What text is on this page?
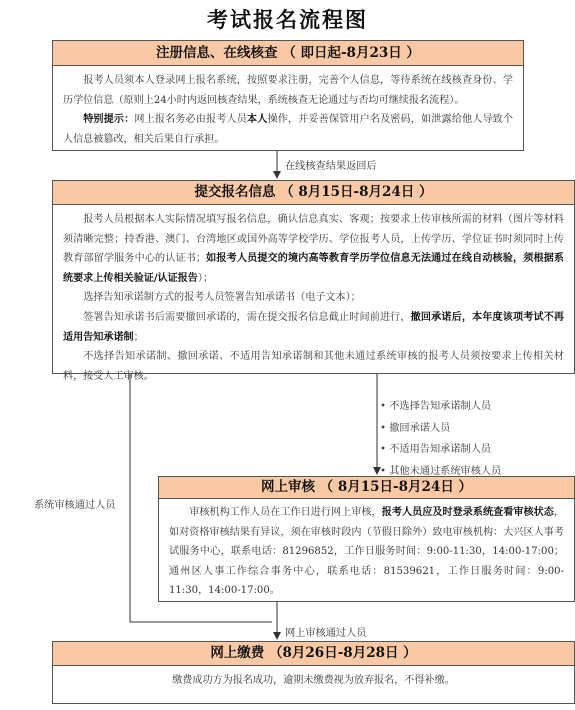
考试报名流程图
在线核查结果返回后
系统审核通过人员
网上审核通过人员
• 不选择告知承诺制人员
• 撤回承诺人员
• 不适用告知承诺制人员
• 其他未通过系统审核人员
注册信息、在线核查 （ 即日起-8月23日 ）

报考人员须本人登录网上报名系统，按照要求注册，完善个人信息，等待系统在线核查身份、学历学位信息（原则上24小时内返回核查结果，系统核查无论通过与否均可继续报名流程）。

特别提示：网上报名务必由报考人员本人操作，并妥善保管用户名及密码，如泄露给他人导致个人信息被篡改，相关后果自行承担。

提交报名信息 （ 8月15日-8月24日 ）

报考人员根据本人实际情况填写报名信息，确认信息真实、客观；按要求上传审核所需的材料（图片等材料须清晰完整；持香港、澳门、台湾地区或国外高等学校学历、学位报考人员，上传学历、学位证书时须同时上传教育部留学服务中心的认证书；如报考人员提交的境内高等教育学历学位信息无法通过在线自动核验，须根据系统要求上传相关验证/认证报告）；

选择告知承诺制方式的报考人员签署告知承诺书（电子文本）；

签署告知承诺书后需要撤回承诺的，需在提交报名信息截止时间前进行，撤回承诺后，本年度该项考试不再适用告知承诺制；

不选择告知承诺制、撤回承诺、不适用告知承诺制和其他未通过系统审核的报考人员须按要求上传相关材料，接受人工审核。

网上审核 （ 8月15日-8月24日 ）

审核机构工作人员在工作日进行网上审核，报考人员应及时登录系统查看审核状态，如对资格审核结果有异议，须在审核时段内（节假日除外）致电审核机构：大兴区人事考试服务中心，联系电话：81296852，工作日服务时间：9:00-11:30，14:00-17:00；通州区人事工作综合事务中心，联系电话：81539621，工作日服务时间：9:00-11:30，14:00-17:00。

网上缴费 （8月26日-8月28日 ）

缴费成功方为报名成功，逾期未缴费视为放弃报名，不得补缴。
